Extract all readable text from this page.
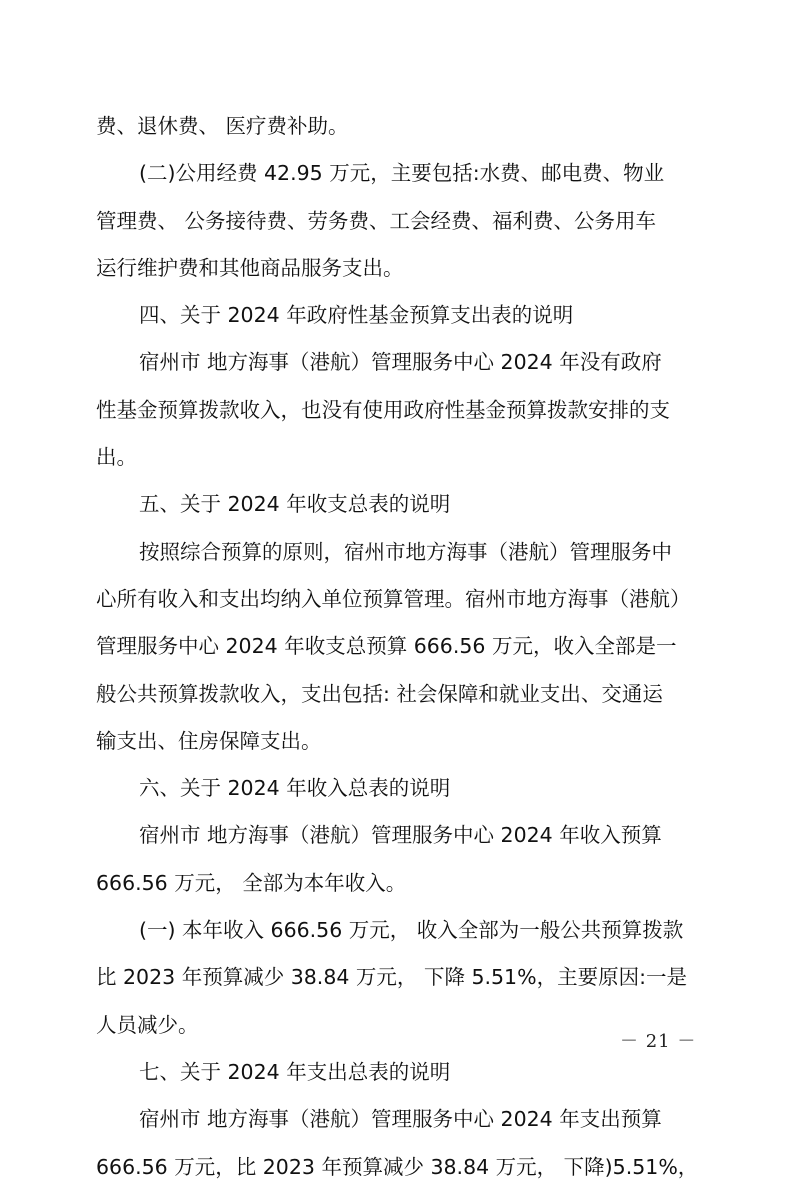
费、退休费、 医疗费补助。
(二)公用经费 42.95 万元，主要包括:水费、邮电费、物业
管理费、 公务接待费、劳务费、工会经费、福利费、公务用车
运行维护费和其他商品服务支出。
四、关于 2024 年政府性基金预算支出表的说明
宿州市 地方海事（港航）管理服务中心 2024 年没有政府
性基金预算拨款收入，也没有使用政府性基金预算拨款安排的支
出。
五、关于 2024 年收支总表的说明
按照综合预算的原则，宿州市地方海事（港航）管理服务中
心所有收入和支出均纳入单位预算管理。宿州市地方海事（港航）
管理服务中心 2024 年收支总预算 666.56 万元，收入全部是一
般公共预算拨款收入，支出包括: 社会保障和就业支出、交通运
输支出、住房保障支出。
六、关于 2024 年收入总表的说明
宿州市 地方海事（港航）管理服务中心 2024 年收入预算
666.56 万元， 全部为本年收入。
(一) 本年收入 666.56 万元， 收入全部为一般公共预算拨款
比 2023 年预算减少 38.84 万元， 下降 5.51%，主要原因:一是
人员减少。
七、关于 2024 年支出总表的说明
宿州市 地方海事（港航）管理服务中心 2024 年支出预算
666.56 万元，比 2023 年预算减少 38.84 万元， 下降)5.51%，
－ 21 －
